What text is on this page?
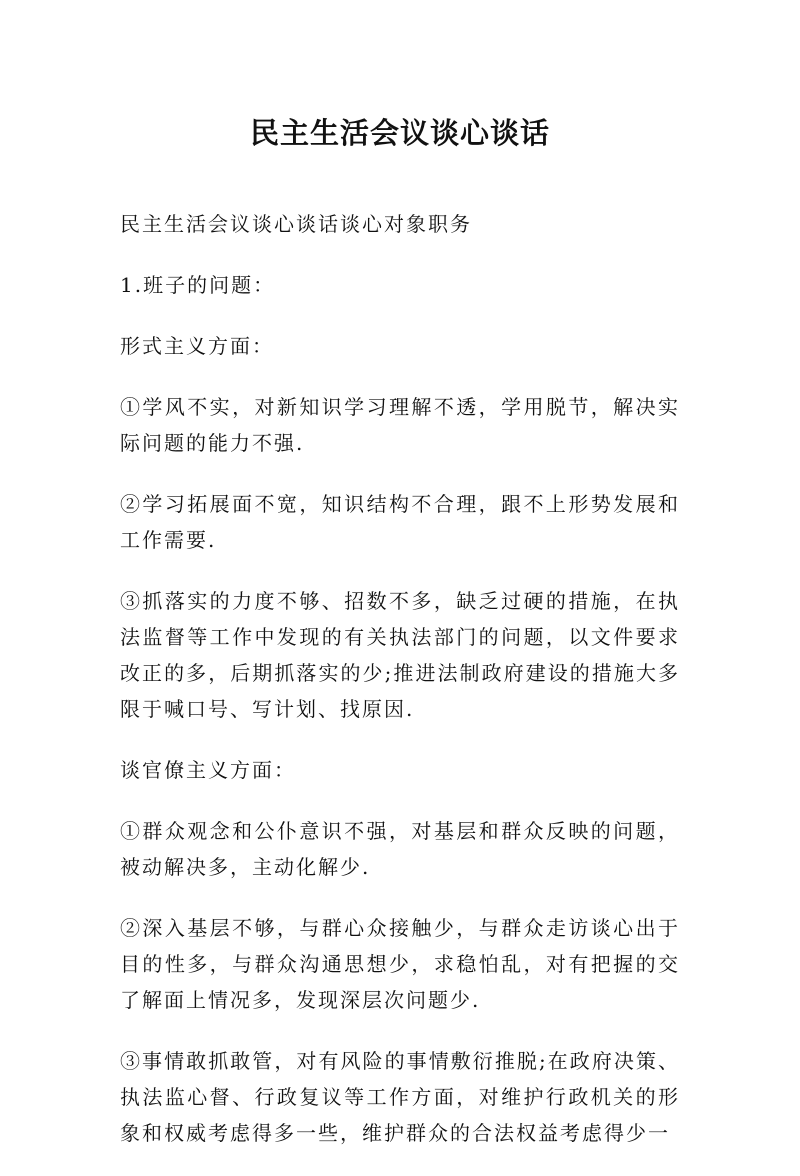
民主生活会议谈心谈话

民主生活会议谈心谈话谈心对象职务

1.班子的问题：

形式主义方面：

①学风不实，对新知识学习理解不透，学用脱节，解决实际问题的能力不强.

②学习拓展面不宽，知识结构不合理，跟不上形势发展和工作需要.

③抓落实的力度不够、招数不多，缺乏过硬的措施，在执法监督等工作中发现的有关执法部门的问题，以文件要求改正的多，后期抓落实的少;推进法制政府建设的措施大多限于喊口号、写计划、找原因.

谈官僚主义方面：

①群众观念和公仆意识不强，对基层和群众反映的问题，被动解决多，主动化解少.

②深入基层不够，与群心众接触少，与群众走访谈心出于目的性多，与群众沟通思想少，求稳怕乱，对有把握的交了解面上情况多，发现深层次问题少.

③事情敢抓敢管，对有风险的事情敷衍推脱;在政府决策、执法监心督、行政复议等工作方面，对维护行政机关的形象和权威考虑得多一些，维护群众的合法权益考虑得少一
